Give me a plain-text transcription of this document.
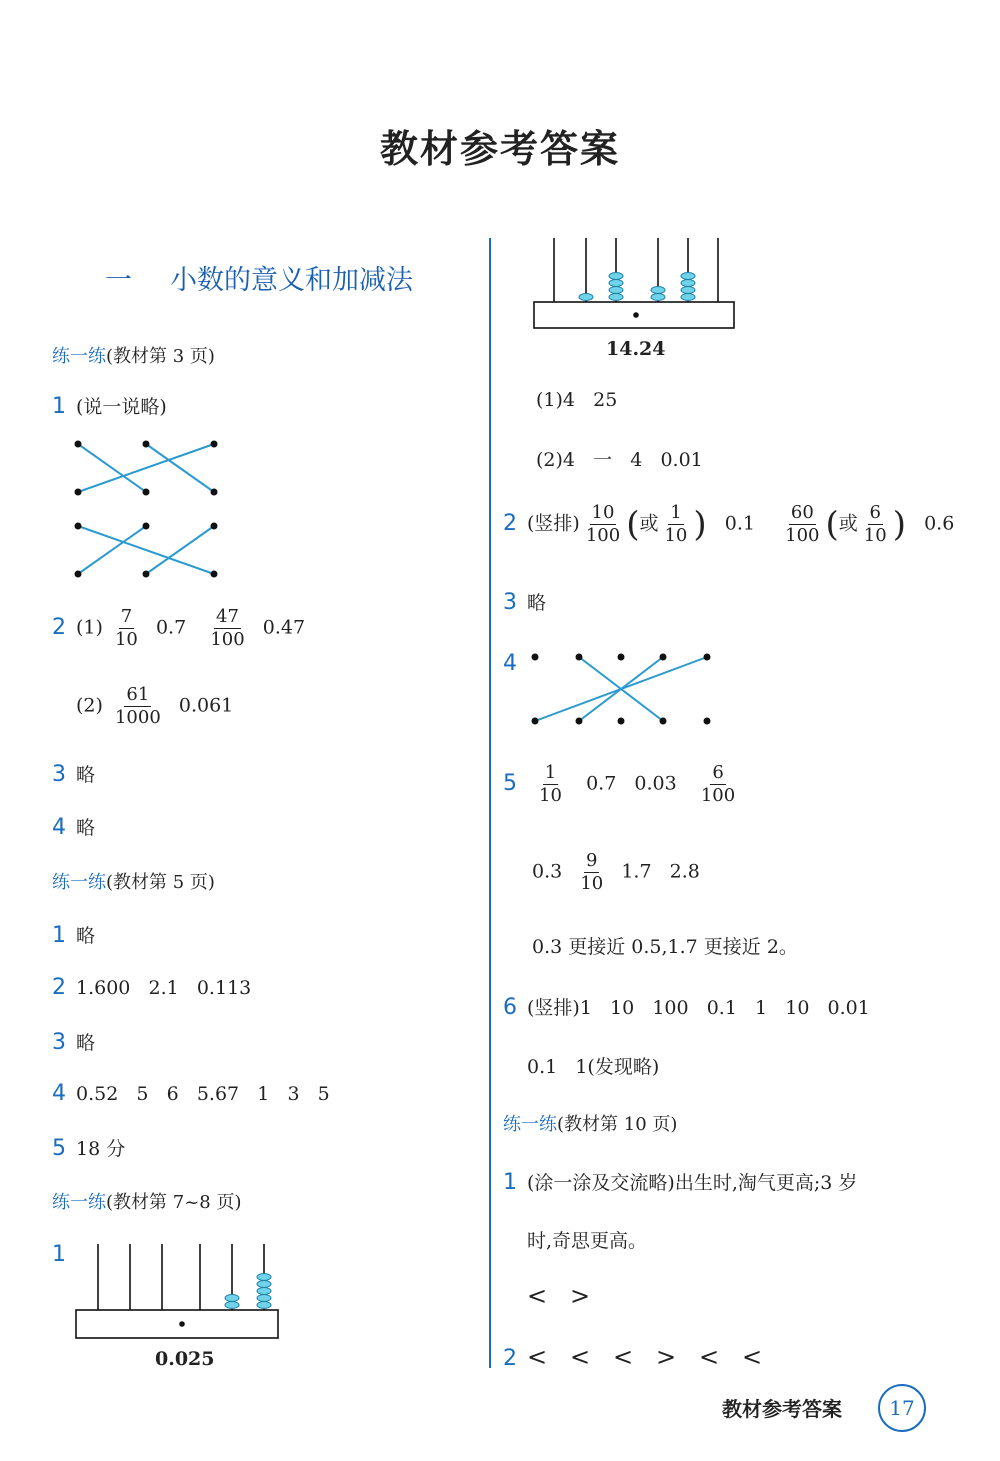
教材参考答案
一 小数的意义和加减法
练一练(教材第 3 页)
1 (说一说略)
2 $(1) \frac{7}{10} 0.7 \frac{47}{100} 0.47$
$(2) \frac{61}{1000} 0.061$
3 略
4 略
练一练(教材第 5 页)
1 略
2 1.600   2.1   0.113
3 略
4 0.52   5   6   5.67   1   3   5
5 18 分
练一练(教材第 7~8 页)
1
0.025
14.24
(1)4   25
(2)4   一   4   0.01
2 (竖排) $\frac{10}{100}$ (或 $\frac{1}{10}$ ) $0.1 \frac{60}{100}$ (或 $\frac{6}{10}$ ) 0.6
3 略
4
$5 \frac{1}{10} 0.7$ $0.03 \frac{6}{100}$
$0.3 \frac{9}{10} 1.7$ 2.8
0.3 更接近 0.5,1.7 更接近 2。
6 (竖排)1   10   100   0.1   1   10   0.01
0.1   1(发现略)
练一练(教材第 10 页)
1 (涂一涂及交流略)出生时,淘气更高;3 岁
时,奇思更高。
<   >
2 <   <   <   >   <   <
教材参考答案	17
